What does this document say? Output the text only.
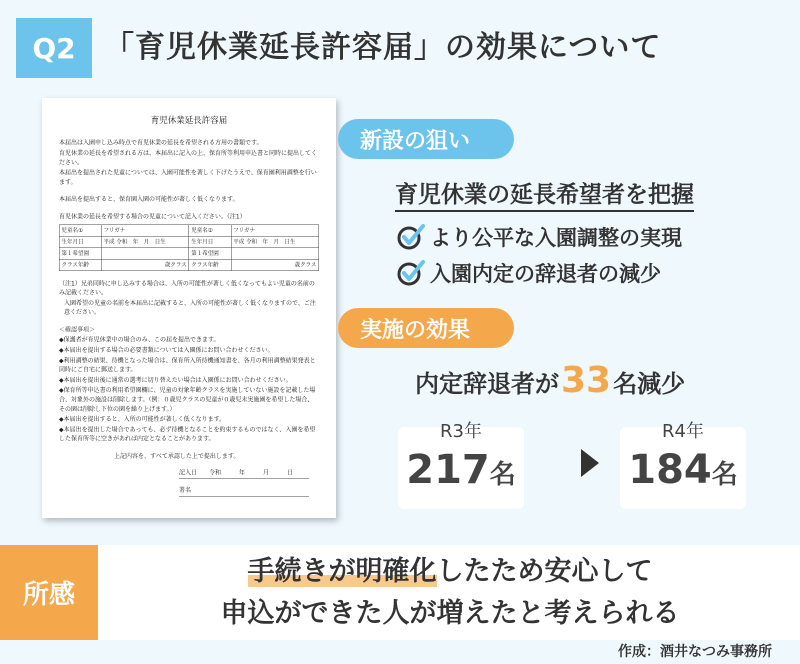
Q2 「育児休業延長許容届」の効果について
育児休業延長許容届

本届出は入園申し込み時点で育児休業の延長を希望される方用の書類です。

育児休業の延長を希望される方は、本届出に記入の上、保育所等利用申込書と同時に提出してください。

本届出を提出された児童については、入園可能性を著しく下げたうえで、保育園利用調整を行います。

本届出を提出すると、保育園入園の可能性が著しく低くなります。

育児休業の延長を希望する場合の児童について記入ください。（注1）

児童名①	フリガナ	児童名②	フリガナ
生年月日	平成 令和　年　月　日生	生年月日	平成 令和　年　月　日生
第１希望園		第１希望園	
クラス年齢	歳クラス	クラス年齢	歳クラス

（注1）兄弟同時に申し込みする場合は、入所の可能性が著しく低くなってもよい児童の名前のみ記載ください。

入園希望の児童の名前を本届出に記載すると、入所の可能性が著しく低くなりますので、ご注意ください。

＜確認事項＞

◆保護者が育児休業中の場合のみ、この届を提出できます。

◆本届出を提出する場合の必要書類については入園係にお問い合わせください。

◆利用調整の結果、待機となった場合は、保育所入所待機通知書を、各月の利用調整結果発表と同時にご自宅に郵送します。

◆本届出を提出後に通常の選考に切り替えたい場合は入園係にお問い合わせください。

◆保育所等申込書の利用希望園欄に、児童の対象年齢クラスを実施していない施設を記載した場合、対象外の施設は削除します。（例：０歳児クラスの児童が０歳児未実施園を希望した場合、その園は削除し下位の園を繰り上げます。）

◆本届出を提出すると、入所の可能性が著しく低くなります。

◆本届出を提出した場合であっても、必ず待機となることを約束するものではなく、入園を希望した保育所等に空きがあれば内定となることがあります。

上記内容を、すべて承認した上で提出します。

記入日　　令和　　　年　　　月　　　日
署名
新設の狙い
育児休業の延長希望者を把握
より公平な入園調整の実現
入園内定の辞退者の減少
実施の効果
内定辞退者が 33 名減少
R3年
217名
R4年
184名
所感
手続きが明確化したため安心して
申込ができた人が増えたと考えられる
作成：酒井なつみ事務所
